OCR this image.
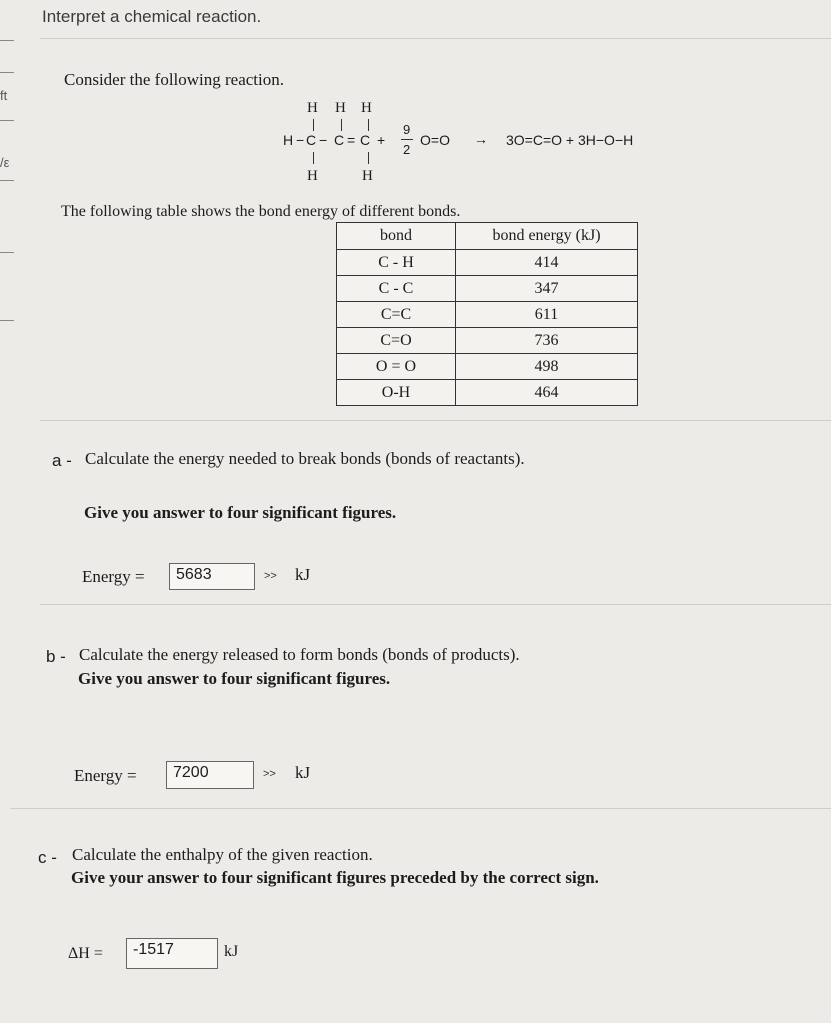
ft
/ε
Interpret a chemical reaction.
Consider the following reaction.
H H H
H − C − C = C +
9
2
O=O → 3O=C=O + 3H−O−H
H	H
The following table shows the bond energy of different bonds.
bond	bond energy (kJ)
C - H	414
C - C	347
C=C	611
C=O	736
O = O	498
O-H	464
a - Calculate the energy needed to break bonds (bonds of reactants).
Give you answer to four significant figures.
Energy =	5683	>> kJ
b - Calculate the energy released to form bonds (bonds of products).
Give you answer to four significant figures.
Energy =	7200	>> kJ
c - Calculate the enthalpy of the given reaction.
Give your answer to four significant figures preceded by the correct sign.
ΔH =	-1517	kJ
